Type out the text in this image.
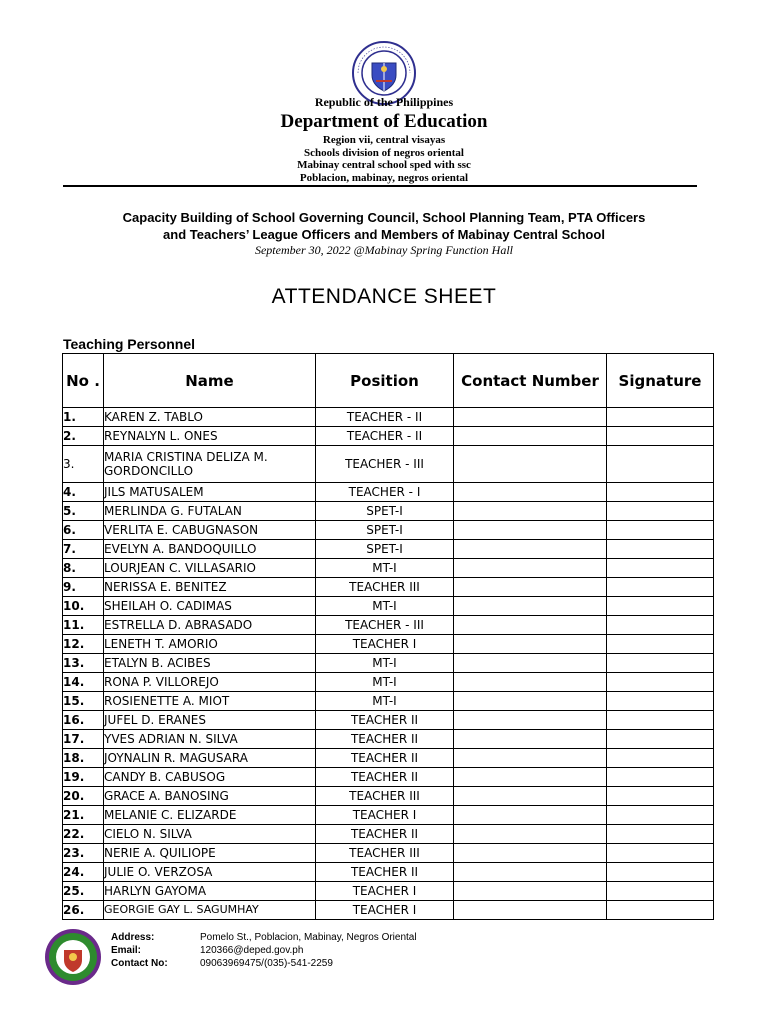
Republic of the Philippines
Department of Education
Region vii, central visayas
Schools division of negros oriental
Mabinay central school sped with ssc
Poblacion, mabinay, negros oriental
Capacity Building of School Governing Council, School Planning Team, PTA Officers
and Teachers’ League Officers and Members of Mabinay Central School
September 30, 2022 @Mabinay Spring Function Hall
ATTENDANCE SHEET
Teaching Personnel
No .	Name	Position	Contact Number	Signature
1.	KAREN Z. TABLO	TEACHER - II		
2.	REYNALYN L. ONES	TEACHER - II		
3.	MARIA CRISTINA DELIZA M. GORDONCILLO	TEACHER - III		
4.	JILS MATUSALEM	TEACHER - I		
5.	MERLINDA G. FUTALAN	SPET-I		
6.	VERLITA E. CABUGNASON	SPET-I		
7.	EVELYN A. BANDOQUILLO	SPET-I		
8.	LOURJEAN C. VILLASARIO	MT-I		
9.	NERISSA E. BENITEZ	TEACHER III		
10.	SHEILAH O. CADIMAS	MT-I		
11.	ESTRELLA D. ABRASADO	TEACHER - III		
12.	LENETH T. AMORIO	TEACHER I		
13.	ETALYN B. ACIBES	MT-I		
14.	RONA P. VILLOREJO	MT-I		
15.	ROSIENETTE A. MIOT	MT-I		
16.	JUFEL D. ERANES	TEACHER II		
17.	YVES ADRIAN N. SILVA	TEACHER II		
18.	JOYNALIN R. MAGUSARA	TEACHER II		
19.	CANDY B. CABUSOG	TEACHER II		
20.	GRACE A. BANOSING	TEACHER III		
21.	MELANIE C. ELIZARDE	TEACHER I		
22.	CIELO N. SILVA	TEACHER II		
23.	NERIE A. QUILIOPE	TEACHER III		
24.	JULIE O. VERZOSA	TEACHER II		
25.	HARLYN GAYOMA	TEACHER I		
26.	GEORGIE GAY L. SAGUMHAY	TEACHER I		
Address:	Pomelo St., Poblacion, Mabinay, Negros Oriental
Email:	120366@deped.gov.ph
Contact No:	09063969475/(035)-541-2259
